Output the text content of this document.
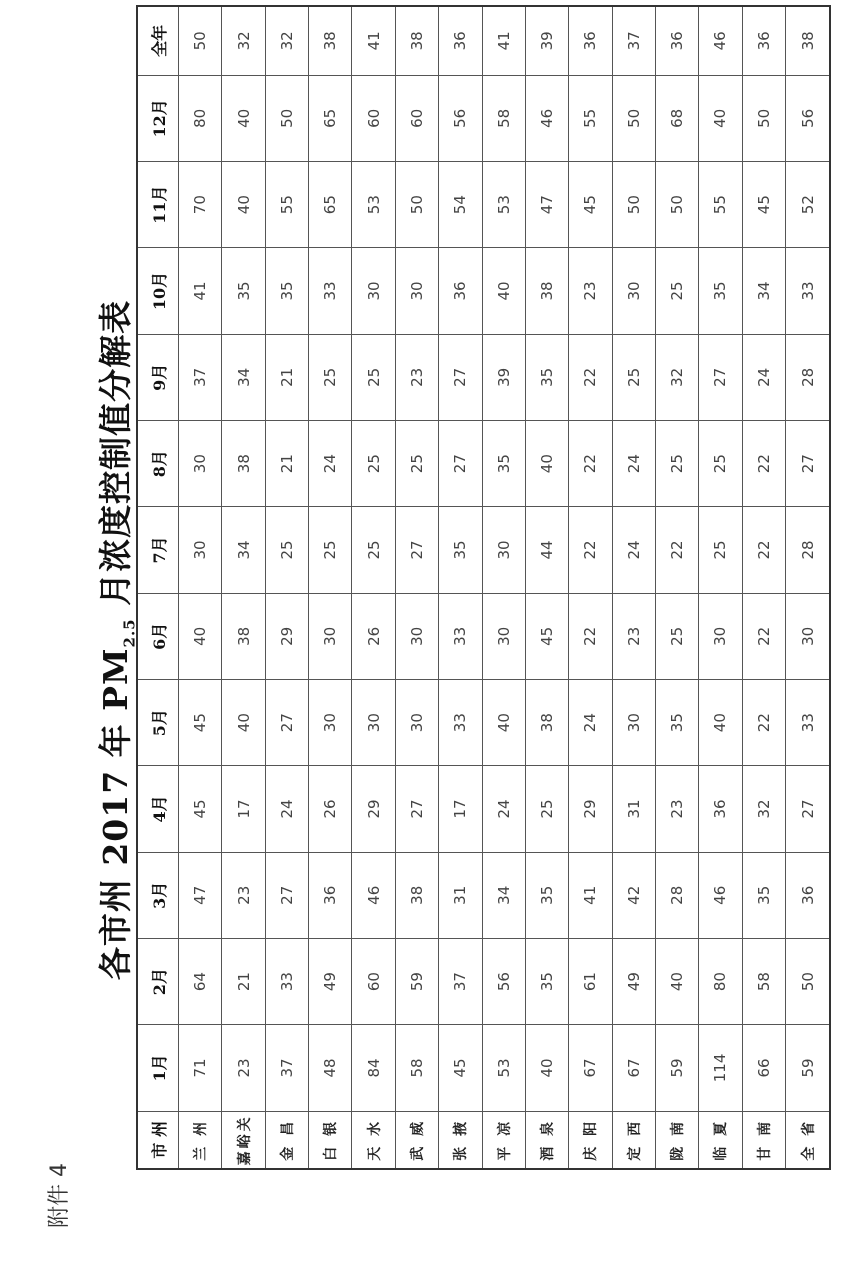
附件 4
各市州 2017 年 $PM_{2.5}$ 月浓度控制值分解表
市 州	1月	2月	3月	4月	5月	6月	7月	8月	9月	10月	11月	12月	全年
兰 州	71	64	47	45	45	40	30	30	37	41	70	80	50
嘉峪关	23	21	23	17	40	38	34	38	34	35	40	40	32
金 昌	37	33	27	24	27	29	25	21	21	35	55	50	32
白 银	48	49	36	26	30	30	25	24	25	33	65	65	38
天 水	84	60	46	29	30	26	25	25	25	30	53	60	41
武 威	58	59	38	27	30	30	27	25	23	30	50	60	38
张 掖	45	37	31	17	33	33	35	27	27	36	54	56	36
平 凉	53	56	34	24	40	30	30	35	39	40	53	58	41
酒 泉	40	35	35	25	38	45	44	40	35	38	47	46	39
庆 阳	67	61	41	29	24	22	22	22	22	23	45	55	36
定 西	67	49	42	31	30	23	24	24	25	30	50	50	37
陇 南	59	40	28	23	35	25	22	25	32	25	50	68	36
临 夏	114	80	46	36	40	30	25	25	27	35	55	40	46
甘 南	66	58	35	32	22	22	22	22	24	34	45	50	36
全 省	59	50	36	27	33	30	28	27	28	33	52	56	38
